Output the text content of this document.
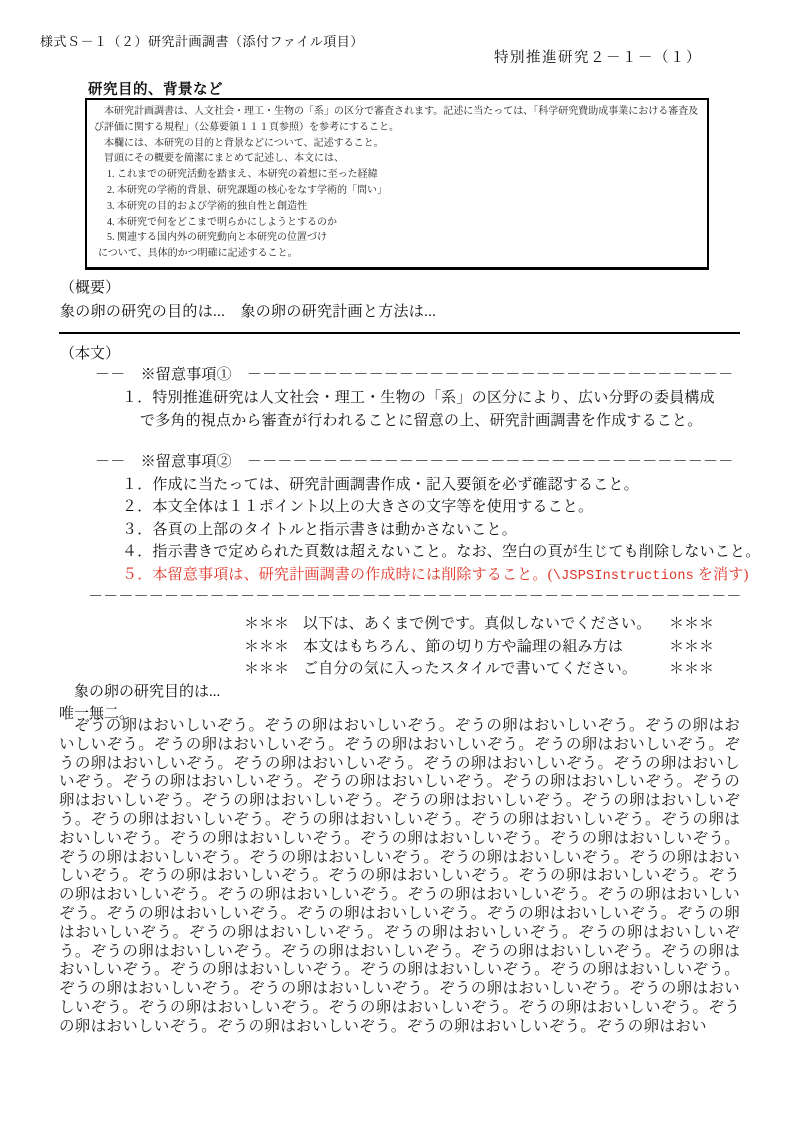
様式Ｓ－１（２）研究計画調書（添付ファイル項目）
特別推進研究２－１－（１）
研究目的、背景など

本研究計画調書は、人文社会・理工・生物の「系」の区分で審査されます。記述に当たっては、「科学研究費助成事業における審査及び評価に関する規程」（公募要領１１１頁参照）を参考にすること。

本欄には、本研究の目的と背景などについて、記述すること。

冒頭にその概要を簡潔にまとめて記述し、本文には、

1. これまでの研究活動を踏まえ、本研究の着想に至った経緯

2. 本研究の学術的背景、研究課題の核心をなす学術的「問い」

3. 本研究の目的および学術的独自性と創造性

4. 本研究で何をどこまで明らかにしようとするのか

5. 関連する国内外の研究動向と本研究の位置づけ

について、具体的かつ明確に記述すること。

（概要）
象の卵の研究の目的は...　象の卵の研究計画と方法は...
（本文）
－－　※留意事項①　－－－－－－－－－－－－－－－－－－－－－－－－－－－－－－－－
１．特別推進研究は人文社会・理工・生物の「系」の区分により、広い分野の委員構成
で多角的視点から審査が行われることに留意の上、研究計画調書を作成すること。
－－　※留意事項②　－－－－－－－－－－－－－－－－－－－－－－－－－－－－－－－－
１．作成に当たっては、研究計画調書作成・記入要領を必ず確認すること。
２．本文全体は１１ポイント以上の大きさの文字等を使用すること。
３．各頁の上部のタイトルと指示書きは動かさないこと。
４．指示書きで定められた頁数は超えないこと。なお、空白の頁が生じても削除しないこと。
５．本留意事項は、研究計画調書の作成時には削除すること。(\JSPSInstructions を消す)
－－－－－－－－－－－－－－－－－－－－－－－－－－－－－－－－－－－－－－－－－－－
＊＊＊ 以下は、あくまで例です。真似しないでください。 ＊＊＊
＊＊＊ 本文はもちろん、節の切り方や論理の組み方は	＊＊＊
＊＊＊ ご自分の気に入ったスタイルで書いてください。	＊＊＊
象の卵の研究目的は...
唯一無二。
ぞうの卵はおいしいぞう。ぞうの卵はおいしいぞう。ぞうの卵はおいしいぞう。ぞうの卵はおいしいぞう。ぞうの卵はおいしいぞう。ぞうの卵はおいしいぞう。ぞうの卵はおいしいぞう。ぞうの卵はおいしいぞう。ぞうの卵はおいしいぞう。ぞうの卵はおいしいぞう。ぞうの卵はおいしいぞう。ぞうの卵はおいしいぞう。ぞうの卵はおいしいぞう。ぞうの卵はおいしいぞう。ぞうの卵はおいしいぞう。ぞうの卵はおいしいぞう。ぞうの卵はおいしいぞう。ぞうの卵はおいしいぞう。ぞうの卵はおいしいぞう。ぞうの卵はおいしいぞう。ぞうの卵はおいしいぞう。ぞうの卵はおいしいぞう。ぞうの卵はおいしいぞう。ぞうの卵はおいしいぞう。ぞうの卵はおいしいぞう。ぞうの卵はおいしいぞう。ぞうの卵はおいしいぞう。ぞうの卵はおいしいぞう。ぞうの卵はおいしいぞう。ぞうの卵はおいしいぞう。ぞうの卵はおいしいぞう。ぞうの卵はおいしいぞう。ぞうの卵はおいしいぞう。ぞうの卵はおいしいぞう。ぞうの卵はおいしいぞう。ぞうの卵はおいしいぞう。ぞうの卵はおいしいぞう。ぞうの卵はおいしいぞう。ぞうの卵はおいしいぞう。ぞうの卵はおいしいぞう。ぞうの卵はおいしいぞう。ぞうの卵はおいしいぞう。ぞうの卵はおいしいぞう。ぞうの卵はおいしいぞう。ぞうの卵はおいしいぞう。ぞうの卵はおいしいぞう。ぞうの卵はおいしいぞう。ぞうの卵はおいしいぞう。ぞうの卵はおいしいぞう。ぞうの卵はおいしいぞう。ぞうの卵はおいしいぞう。ぞうの卵はおいしいぞう。ぞうの卵はおいしいぞう。ぞうの卵はおいしいぞう。ぞうの卵はおいしいぞう。ぞうの卵はおいしいぞう。ぞうの卵はおいしいぞう。ぞうの卵はおいしいぞう。ぞうの卵はおいしいぞう。ぞうの卵はおいしいぞう。ぞうの卵はおい
